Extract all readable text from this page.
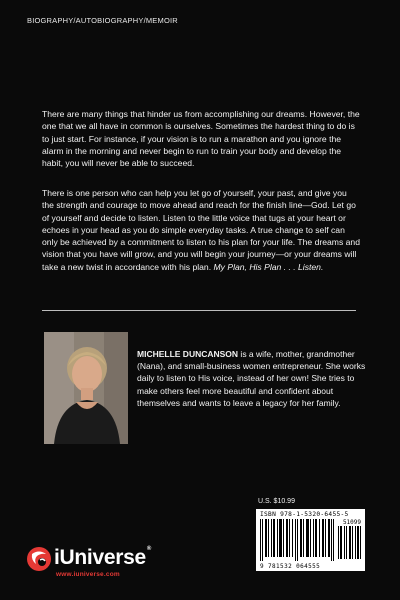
BIOGRAPHY/AUTOBIOGRAPHY/MEMOIR

There are many things that hinder us from accomplishing our dreams. However, the one that we all have in common is ourselves. Sometimes the hardest thing to do is to just start. For instance, if your vision is to run a marathon and you ignore the alarm in the morning and never begin to run to train your body and develop the habit, you will never be able to succeed.

There is one person who can help you let go of yourself, your past, and give you the strength and courage to move ahead and reach for the finish line—God. Let go of yourself and decide to listen. Listen to the little voice that tugs at your heart or echoes in your head as you do simple everyday tasks. A true change to self can only be achieved by a commitment to listen to his plan for your life. The dreams and vision that you have will grow, and you will begin your journey—or your dreams will take a new twist in accordance with his plan. My Plan, His Plan . . . Listen.

MICHELLE DUNCANSON is a wife, mother, grandmother (Nana), and small-business women entrepreneur. She works daily to listen to His voice, instead of her own! She tries to make others feel more beautiful and confident about themselves and wants to leave a legacy for her family.

U.S. $10.99
ISBN 978-1-5320-6455-5
51099
9 781532 064555
iUniverse®
www.iuniverse.com
